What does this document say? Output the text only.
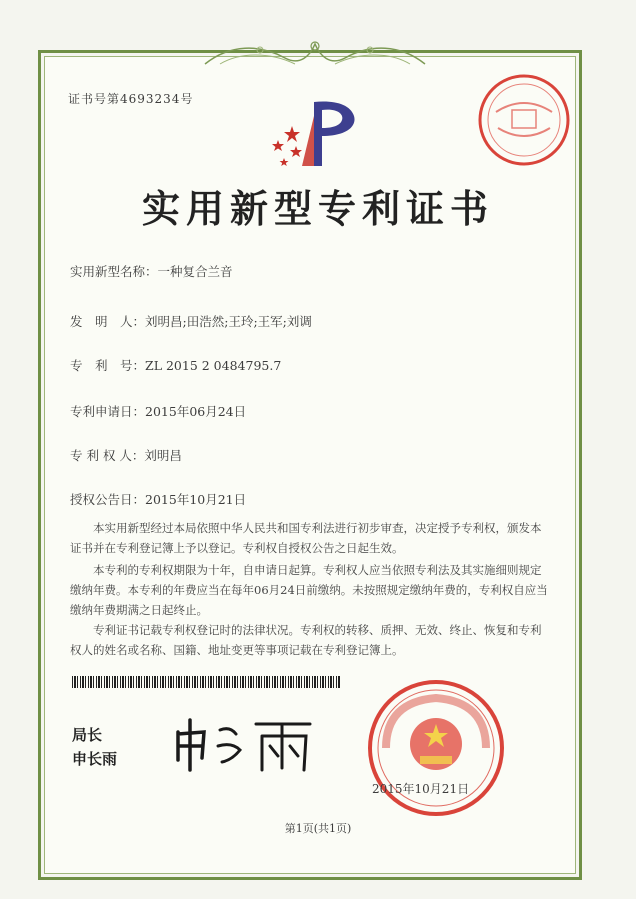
证书号第4693234号
实用新型专利证书
实用新型名称：一种复合兰音
发　明　人：刘明昌;田浩然;王玲;王军;刘调
专　利　号：ZL 2015 2 0484795.7
专利申请日：2015年06月24日
专 利 权 人：刘明昌
授权公告日：2015年10月21日
本实用新型经过本局依照中华人民共和国专利法进行初步审查，决定授予专利权，颁发本证书并在专利登记簿上予以登记。专利权自授权公告之日起生效。
本专利的专利权期限为十年，自申请日起算。专利权人应当依照专利法及其实施细则规定缴纳年费。本专利的年费应当在每年06月24日前缴纳。未按照规定缴纳年费的，专利权自应当缴纳年费期满之日起终止。
专利证书记载专利权登记时的法律状况。专利权的转移、质押、无效、终止、恢复和专利权人的姓名或名称、国籍、地址变更等事项记载在专利登记簿上。
局长
申长雨
2015年10月21日
第1页(共1页)
